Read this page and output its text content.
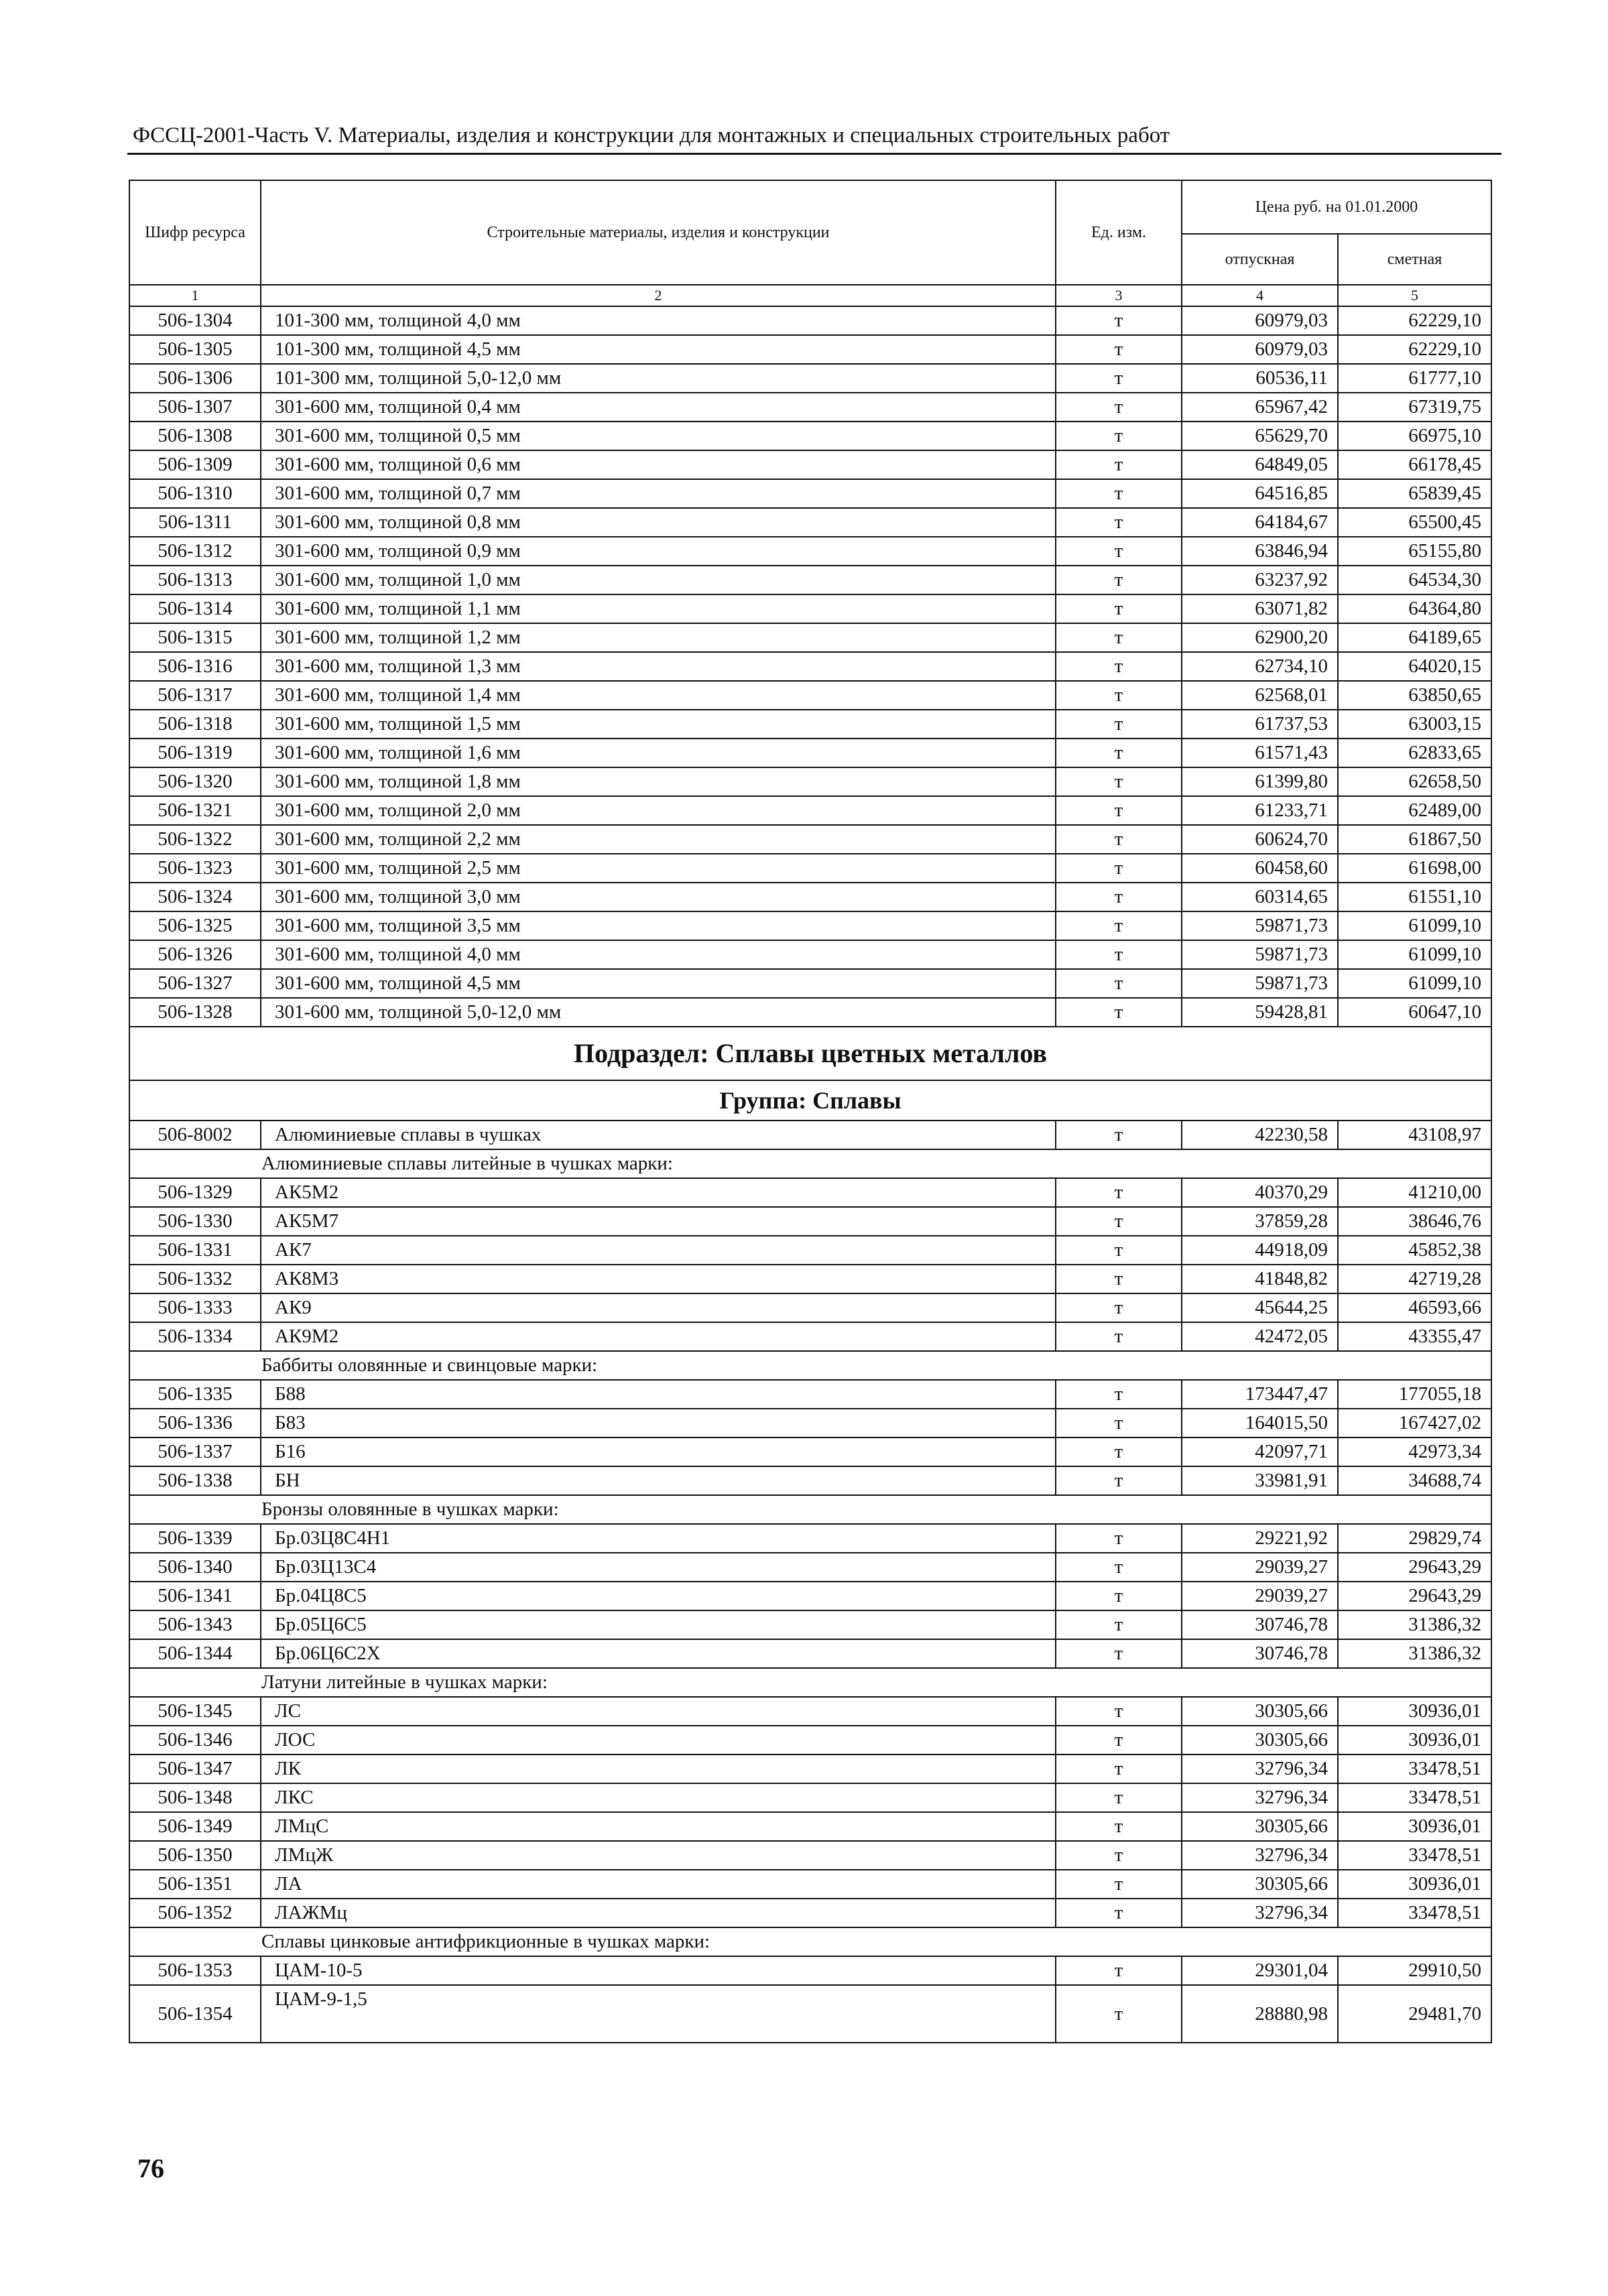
ФССЦ-2001-Часть V. Материалы, изделия и конструкции для монтажных и специальных строительных работ
Шифр ресурса	Строительные материалы, изделия и конструкции	Ед. изм.	Цена руб. на 01.01.2000	
			отпускная	сметная
1	2	3	4	5
506-1304	101-300 мм, толщиной 4,0 мм	т	60979,03	62229,10
506-1305	101-300 мм, толщиной 4,5 мм	т	60979,03	62229,10
506-1306	101-300 мм, толщиной 5,0-12,0 мм	т	60536,11	61777,10
506-1307	301-600 мм, толщиной 0,4 мм	т	65967,42	67319,75
506-1308	301-600 мм, толщиной 0,5 мм	т	65629,70	66975,10
506-1309	301-600 мм, толщиной 0,6 мм	т	64849,05	66178,45
506-1310	301-600 мм, толщиной 0,7 мм	т	64516,85	65839,45
506-1311	301-600 мм, толщиной 0,8 мм	т	64184,67	65500,45
506-1312	301-600 мм, толщиной 0,9 мм	т	63846,94	65155,80
506-1313	301-600 мм, толщиной 1,0 мм	т	63237,92	64534,30
506-1314	301-600 мм, толщиной 1,1 мм	т	63071,82	64364,80
506-1315	301-600 мм, толщиной 1,2 мм	т	62900,20	64189,65
506-1316	301-600 мм, толщиной 1,3 мм	т	62734,10	64020,15
506-1317	301-600 мм, толщиной 1,4 мм	т	62568,01	63850,65
506-1318	301-600 мм, толщиной 1,5 мм	т	61737,53	63003,15
506-1319	301-600 мм, толщиной 1,6 мм	т	61571,43	62833,65
506-1320	301-600 мм, толщиной 1,8 мм	т	61399,80	62658,50
506-1321	301-600 мм, толщиной 2,0 мм	т	61233,71	62489,00
506-1322	301-600 мм, толщиной 2,2 мм	т	60624,70	61867,50
506-1323	301-600 мм, толщиной 2,5 мм	т	60458,60	61698,00
506-1324	301-600 мм, толщиной 3,0 мм	т	60314,65	61551,10
506-1325	301-600 мм, толщиной 3,5 мм	т	59871,73	61099,10
506-1326	301-600 мм, толщиной 4,0 мм	т	59871,73	61099,10
506-1327	301-600 мм, толщиной 4,5 мм	т	59871,73	61099,10
506-1328	301-600 мм, толщиной 5,0-12,0 мм	т	59428,81	60647,10
Подраздел: Сплавы цветных металлов				
Группа: Сплавы				
506-8002	Алюминиевые сплавы в чушках	т	42230,58	43108,97
Алюминиевые сплавы литейные в чушках марки:				
506-1329	АК5М2	т	40370,29	41210,00
506-1330	АК5М7	т	37859,28	38646,76
506-1331	АК7	т	44918,09	45852,38
506-1332	АК8М3	т	41848,82	42719,28
506-1333	АК9	т	45644,25	46593,66
506-1334	АК9М2	т	42472,05	43355,47
Баббиты оловянные и свинцовые марки:				
506-1335	Б88	т	173447,47	177055,18
506-1336	Б83	т	164015,50	167427,02
506-1337	Б16	т	42097,71	42973,34
506-1338	БН	т	33981,91	34688,74
Бронзы оловянные в чушках марки:				
506-1339	Бр.03Ц8С4Н1	т	29221,92	29829,74
506-1340	Бр.03Ц13С4	т	29039,27	29643,29
506-1341	Бр.04Ц8С5	т	29039,27	29643,29
506-1343	Бр.05Ц6С5	т	30746,78	31386,32
506-1344	Бр.06Ц6С2Х	т	30746,78	31386,32
Латуни литейные в чушках марки:				
506-1345	ЛС	т	30305,66	30936,01
506-1346	ЛОС	т	30305,66	30936,01
506-1347	ЛК	т	32796,34	33478,51
506-1348	ЛКС	т	32796,34	33478,51
506-1349	ЛМцС	т	30305,66	30936,01
506-1350	ЛМцЖ	т	32796,34	33478,51
506-1351	ЛА	т	30305,66	30936,01
506-1352	ЛАЖМц	т	32796,34	33478,51
Сплавы цинковые антифрикционные в чушках марки:				
506-1353	ЦАМ-10-5	т	29301,04	29910,50
506-1354	ЦАМ-9-1,5	т	28880,98	29481,70
76
